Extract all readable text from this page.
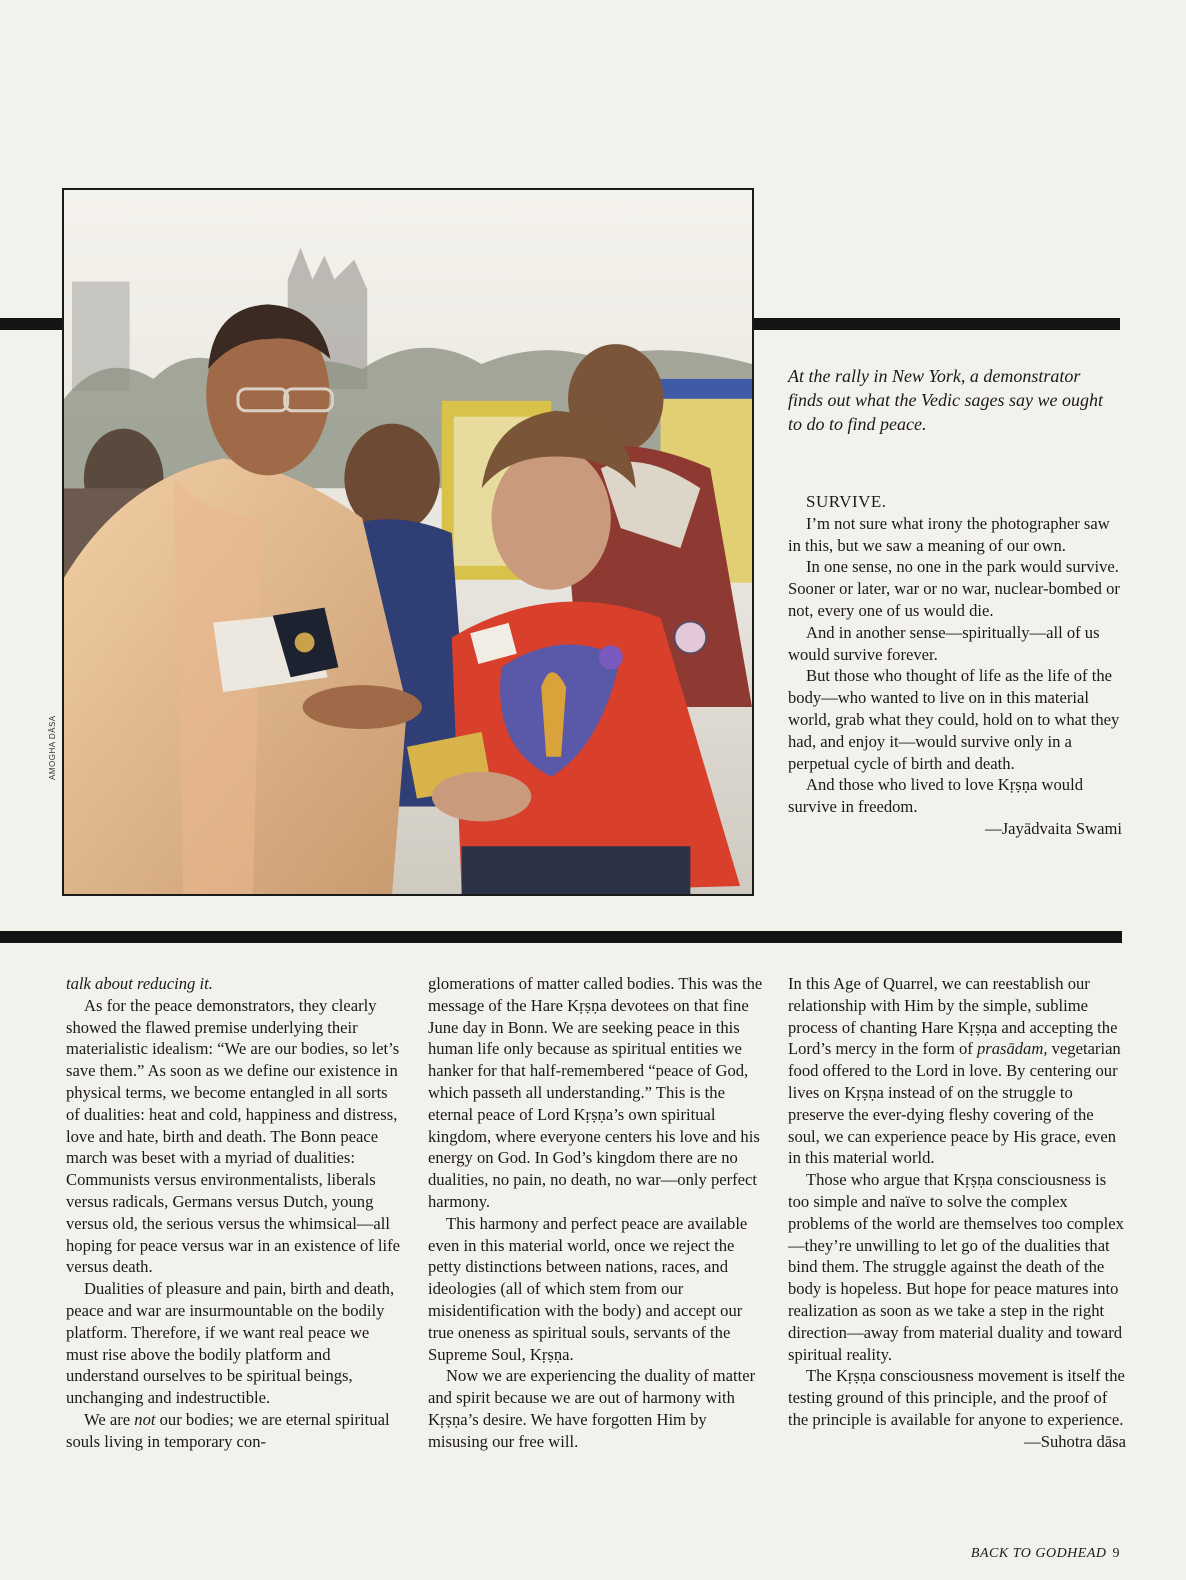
AMOGHA DĀSA

At the rally in New York, a demonstrator finds out what the Vedic sages say we ought to do to find peace.

SURVIVE.

I’m not sure what irony the photographer saw in this, but we saw a meaning of our own.

In one sense, no one in the park would survive. Sooner or later, war or no war, nuclear-bombed or not, every one of us would die.

And in another sense—spiritually—all of us would survive forever.

But those who thought of life as the life of the body—who wanted to live on in this material world, grab what they could, hold on to what they had, and enjoy it—would survive only in a perpetual cycle of birth and death.

And those who lived to love Kṛṣṇa would survive in freedom.

—Jayādvaita Swami

talk about reducing it.

As for the peace demonstrators, they clearly showed the flawed premise underlying their materialistic idealism: “We are our bodies, so let’s save them.” As soon as we define our existence in physical terms, we become entangled in all sorts of dualities: heat and cold, happiness and distress, love and hate, birth and death. The Bonn peace march was beset with a myriad of dualities: Communists versus environmentalists, liberals versus radicals, Germans versus Dutch, young versus old, the serious versus the whimsical—all hoping for peace versus war in an existence of life versus death.

Dualities of pleasure and pain, birth and death, peace and war are insurmountable on the bodily platform. Therefore, if we want real peace we must rise above the bodily platform and understand ourselves to be spiritual beings, unchanging and indestructible.

We are not our bodies; we are eternal spiritual souls living in temporary con-

glomerations of matter called bodies. This was the message of the Hare Kṛṣṇa devotees on that fine June day in Bonn. We are seeking peace in this human life only because as spiritual entities we hanker for that half-remembered “peace of God, which passeth all understanding.” This is the eternal peace of Lord Kṛṣṇa’s own spiritual kingdom, where everyone centers his love and his energy on God. In God’s kingdom there are no dualities, no pain, no death, no war—only perfect harmony.

This harmony and perfect peace are available even in this material world, once we reject the petty distinctions between nations, races, and ideologies (all of which stem from our misidentification with the body) and accept our true oneness as spiritual souls, servants of the Supreme Soul, Kṛṣṇa.

Now we are experiencing the duality of matter and spirit because we are out of harmony with Kṛṣṇa’s desire. We have forgotten Him by misusing our free will.

In this Age of Quarrel, we can reestablish our relationship with Him by the simple, sublime process of chanting Hare Kṛṣṇa and accepting the Lord’s mercy in the form of prasādam, vegetarian food offered to the Lord in love. By centering our lives on Kṛṣṇa instead of on the struggle to preserve the ever-dying fleshy covering of the soul, we can experience peace by His grace, even in this material world.

Those who argue that Kṛṣṇa consciousness is too simple and naïve to solve the complex problems of the world are themselves too complex—they’re unwilling to let go of the dualities that bind them. The struggle against the death of the body is hopeless. But hope for peace matures into realization as soon as we take a step in the right direction—away from material duality and toward spiritual reality.

The Kṛṣṇa consciousness movement is itself the testing ground of this principle, and the proof of the principle is available for anyone to experience.

—Suhotra dāsa

BACK TO GODHEAD 9
